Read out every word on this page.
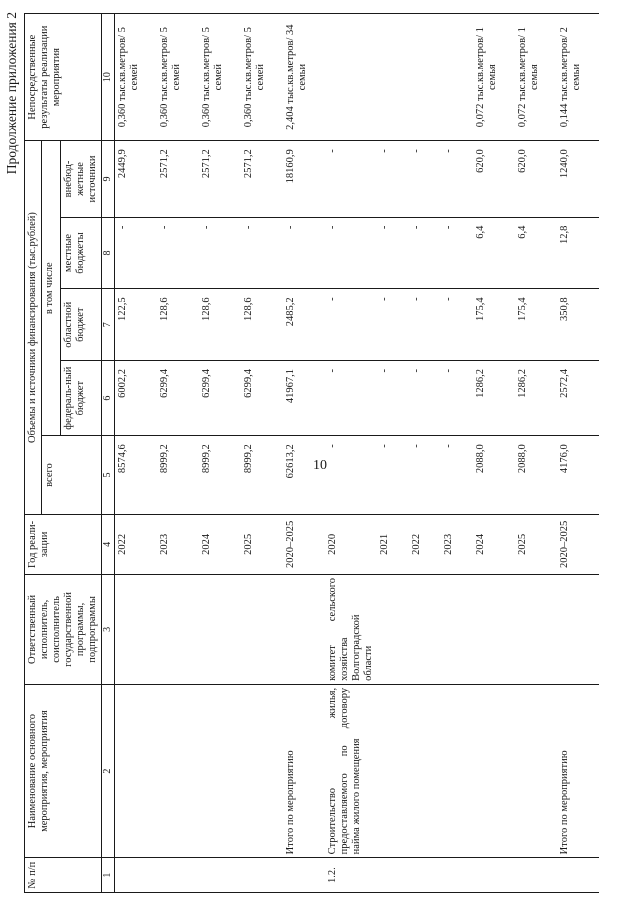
10
Продолжение приложения 2
№ п/п	Наименование основного мероприятия, мероприятия	Ответственный исполнитель, соисполнитель государственной программы, подпрограммы	Год реали-зации	Объемы и источники финансирования (тыс.рублей)					Непосредственные результаты реализации мероприятия
				всего	в том числе				
					федераль-ный бюджет	областной бюджет	местные бюджеты	внебюд-жетные источники	
1	2	3	4	5	6	7	8	9	10
			2022	8574,6	6002,2	122,5	-	2449,9	0,360 тыс.кв.метров/ 5 семей
			2023	8999,2	6299,4	128,6	-	2571,2	0,360 тыс.кв.метров/ 5 семей
			2024	8999,2	6299,4	128,6	-	2571,2	0,360 тыс.кв.метров/ 5 семей
			2025	8999,2	6299,4	128,6	-	2571,2	0,360 тыс.кв.метров/ 5 семей
	Итого по мероприятию		2020–2025	62613,2	41967,1	2485,2	-	18160,9	2,404 тыс.кв.метров/ 34 семьи
1.2.	Строительство жилья, предоставляемого по договору найма жилого помещения	комитет сельского хозяйства Волгоградской области	2020	-	-	-	-	-	
			2021	-	-	-	-	-	
			2022	-	-	-	-	-	
			2023	-	-	-	-	-	
			2024	2088,0	1286,2	175,4	6,4	620,0	0,072 тыс.кв.метров/ 1 семья
			2025	2088,0	1286,2	175,4	6,4	620,0	0,072 тыс.кв.метров/ 1 семья
	Итого по мероприятию		2020–2025	4176,0	2572,4	350,8	12,8	1240,0	0,144 тыс.кв.метров/ 2 семьи
